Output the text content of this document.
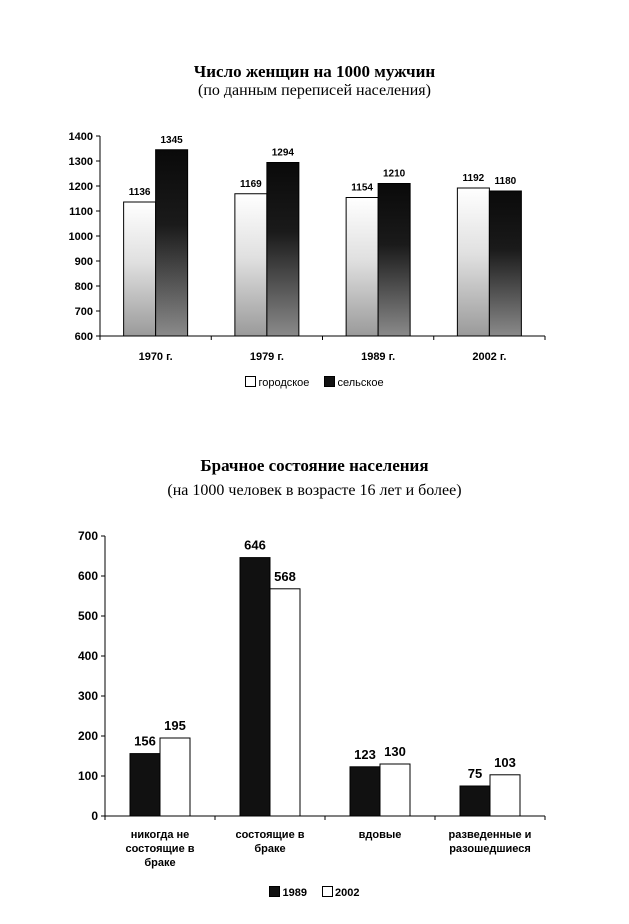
Число женщин на 1000 мужчин
(по данным переписей населения)
600
700
800
900
1000
1100
1200
1300
1400
1136
1345
1970 г.
1169
1294
1979 г.
1154
1210
1989 г.
1192 1180
2002 г.
городское	сельское
Брачное состояние населения
(на 1000 человек в возрасте 16 лет и более)
0
100
200
300
400
500
600
700
156
195
никогда не
состоящие в
браке
646
568
состоящие в
браке
123 130
вдовые
75
103
разведенные и
разошедшиеся
1989	2002
